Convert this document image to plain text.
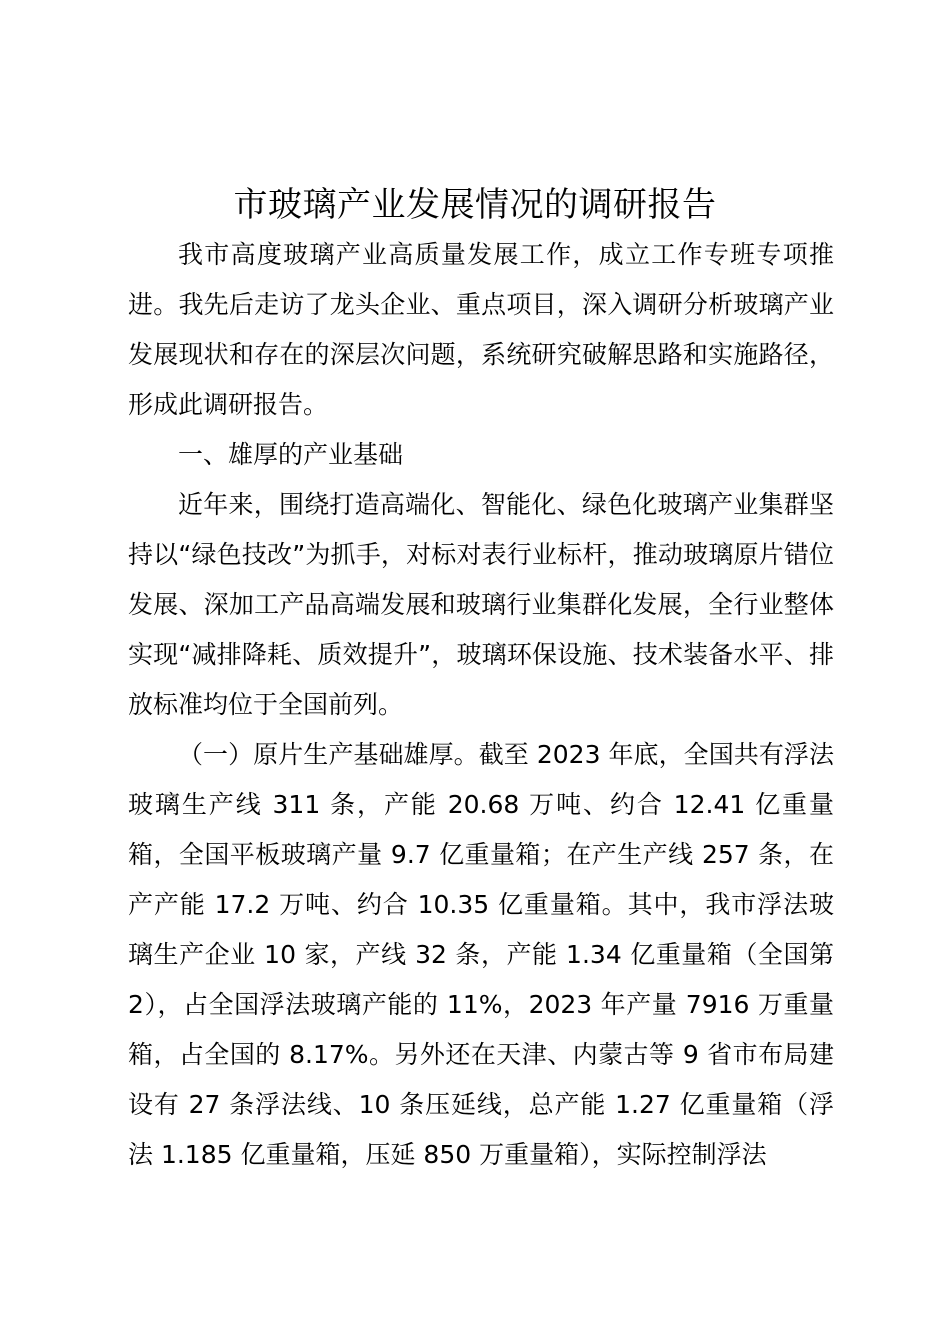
市玻璃产业发展情况的调研报告

我市高度玻璃产业高质量发展工作，成立工作专班专项推进。我先后走访了龙头企业、重点项目，深入调研分析玻璃产业发展现状和存在的深层次问题，系统研究破解思路和实施路径，形成此调研报告。

一、雄厚的产业基础

近年来，围绕打造高端化、智能化、绿色化玻璃产业集群坚持以“绿色技改”为抓手，对标对表行业标杆，推动玻璃原片错位发展、深加工产品高端发展和玻璃行业集群化发展，全行业整体实现“减排降耗、质效提升”，玻璃环保设施、技术装备水平、排放标准均位于全国前列。

（一）原片生产基础雄厚。截至 2023 年底，全国共有浮法玻璃生产线 311 条，产能 20.68 万吨、约合 12.41 亿重量箱，全国平板玻璃产量 9.7 亿重量箱；在产生产线 257 条，在产产能 17.2 万吨、约合 10.35 亿重量箱。其中，我市浮法玻璃生产企业 10 家，产线 32 条，产能 1.34 亿重量箱（全国第 2），占全国浮法玻璃产能的 11%，2023 年产量 7916 万重量箱，占全国的 8.17%。另外还在天津、内蒙古等 9 省市布局建设有 27 条浮法线、10 条压延线，总产能 1.27 亿重量箱（浮法 1.185 亿重量箱，压延 850 万重量箱），实际控制浮法
